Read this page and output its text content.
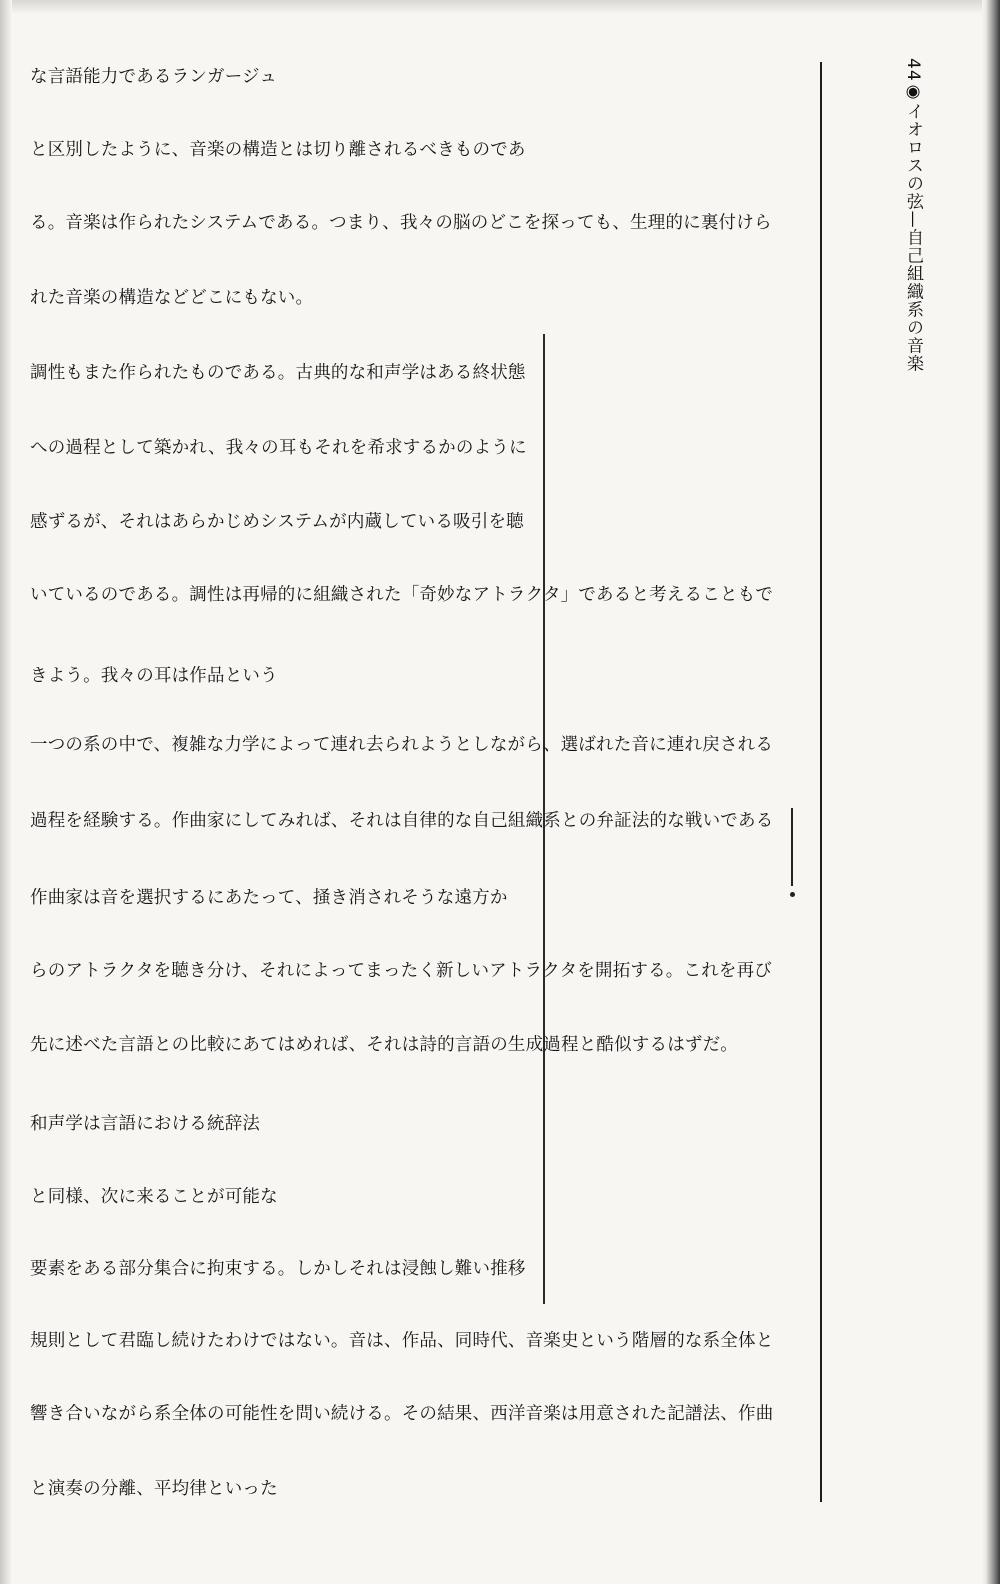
な言語能力であるランガージュ
と区別したように、音楽の構造とは切り離されるべきものであ
る。音楽は作られたシステムである。つまり、我々の脳のどこを探っても、生理的に裏付けら
れた音楽の構造などどこにもない。
調性もまた作られたものである。古典的な和声学はある終状態
への過程として築かれ、我々の耳もそれを希求するかのように
感ずるが、それはあらかじめシステムが内蔵している吸引を聴
いているのである。調性は再帰的に組織された「奇妙なアトラクタ」であると考えることもで
きよう。我々の耳は作品という
一つの系の中で、複雑な力学によって連れ去られようとしながら、選ばれた音に連れ戻される
過程を経験する。作曲家にしてみれば、それは自律的な自己組織系との弁証法的な戦いである
作曲家は音を選択するにあたって、掻き消されそうな遠方か
らのアトラクタを聴き分け、それによってまったく新しいアトラクタを開拓する。これを再び
先に述べた言語との比較にあてはめれば、それは詩的言語の生成過程と酷似するはずだ。
和声学は言語における統辞法
と同様、次に来ることが可能な
要素をある部分集合に拘束する。しかしそれは浸蝕し難い推移
規則として君臨し続けたわけではない。音は、作品、同時代、音楽史という階層的な系全体と
響き合いながら系全体の可能性を問い続ける。その結果、西洋音楽は用意された記譜法、作曲
と演奏の分離、平均律といった
44◉イオロスの弦—自己組織系の音楽
